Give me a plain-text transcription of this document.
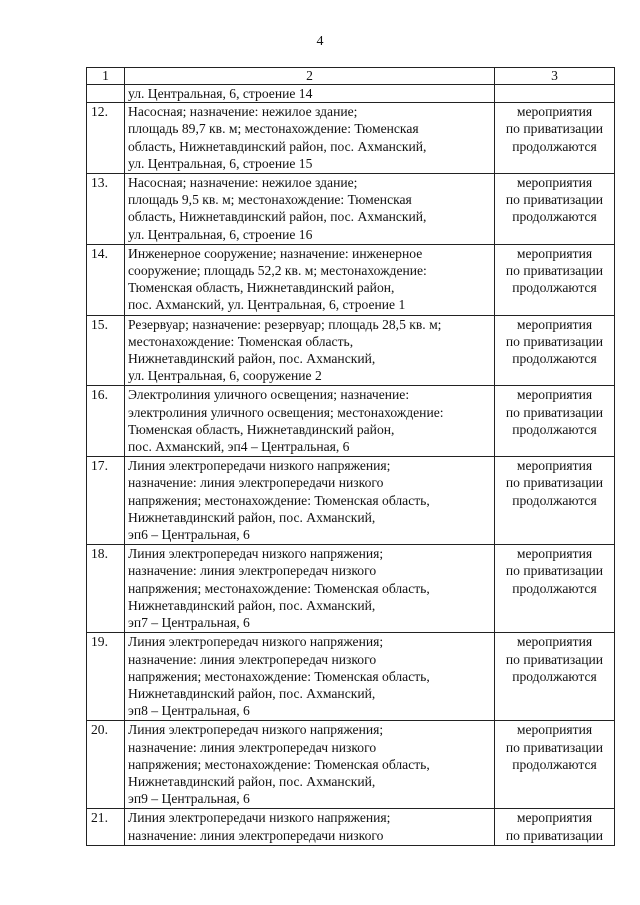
4
1	2	3

	ул. Центральная, 6, строение 14	

12.	Насосная; назначение: нежилое здание;
площадь 89,7 кв. м; местонахождение: Тюменская
область, Нижнетавдинский район, пос. Ахманский,
ул. Центральная, 6, строение 15	мероприятия
по приватизации
продолжаются

13.	Насосная; назначение: нежилое здание;
площадь 9,5 кв. м; местонахождение: Тюменская
область, Нижнетавдинский район, пос. Ахманский,
ул. Центральная, 6, строение 16	мероприятия
по приватизации
продолжаются

14.	Инженерное сооружение; назначение: инженерное
сооружение; площадь 52,2 кв. м; местонахождение:
Тюменская область, Нижнетавдинский район,
пос. Ахманский, ул. Центральная, 6, строение 1	мероприятия
по приватизации
продолжаются

15.	Резервуар; назначение: резервуар; площадь 28,5 кв. м;
местонахождение: Тюменская область,
Нижнетавдинский район, пос. Ахманский,
ул. Центральная, 6, сооружение 2	мероприятия
по приватизации
продолжаются

16.	Электролиния уличного освещения; назначение:
электролиния уличного освещения; местонахождение:
Тюменская область, Нижнетавдинский район,
пос. Ахманский, эп4 – Центральная, 6	мероприятия
по приватизации
продолжаются

17.	Линия электропередачи низкого напряжения;
назначение: линия электропередачи низкого
напряжения; местонахождение: Тюменская область,
Нижнетавдинский район, пос. Ахманский,
эп6 – Центральная, 6	мероприятия
по приватизации
продолжаются

18.	Линия электропередач низкого напряжения;
назначение: линия электропередач низкого
напряжения; местонахождение: Тюменская область,
Нижнетавдинский район, пос. Ахманский,
эп7 – Центральная, 6	мероприятия
по приватизации
продолжаются

19.	Линия электропередач низкого напряжения;
назначение: линия электропередач низкого
напряжения; местонахождение: Тюменская область,
Нижнетавдинский район, пос. Ахманский,
эп8 – Центральная, 6	мероприятия
по приватизации
продолжаются

20.	Линия электропередач низкого напряжения;
назначение: линия электропередач низкого
напряжения; местонахождение: Тюменская область,
Нижнетавдинский район, пос. Ахманский,
эп9 – Центральная, 6	мероприятия
по приватизации
продолжаются

21.	Линия электропередачи низкого напряжения;
назначение: линия электропередачи низкого	мероприятия
по приватизации
